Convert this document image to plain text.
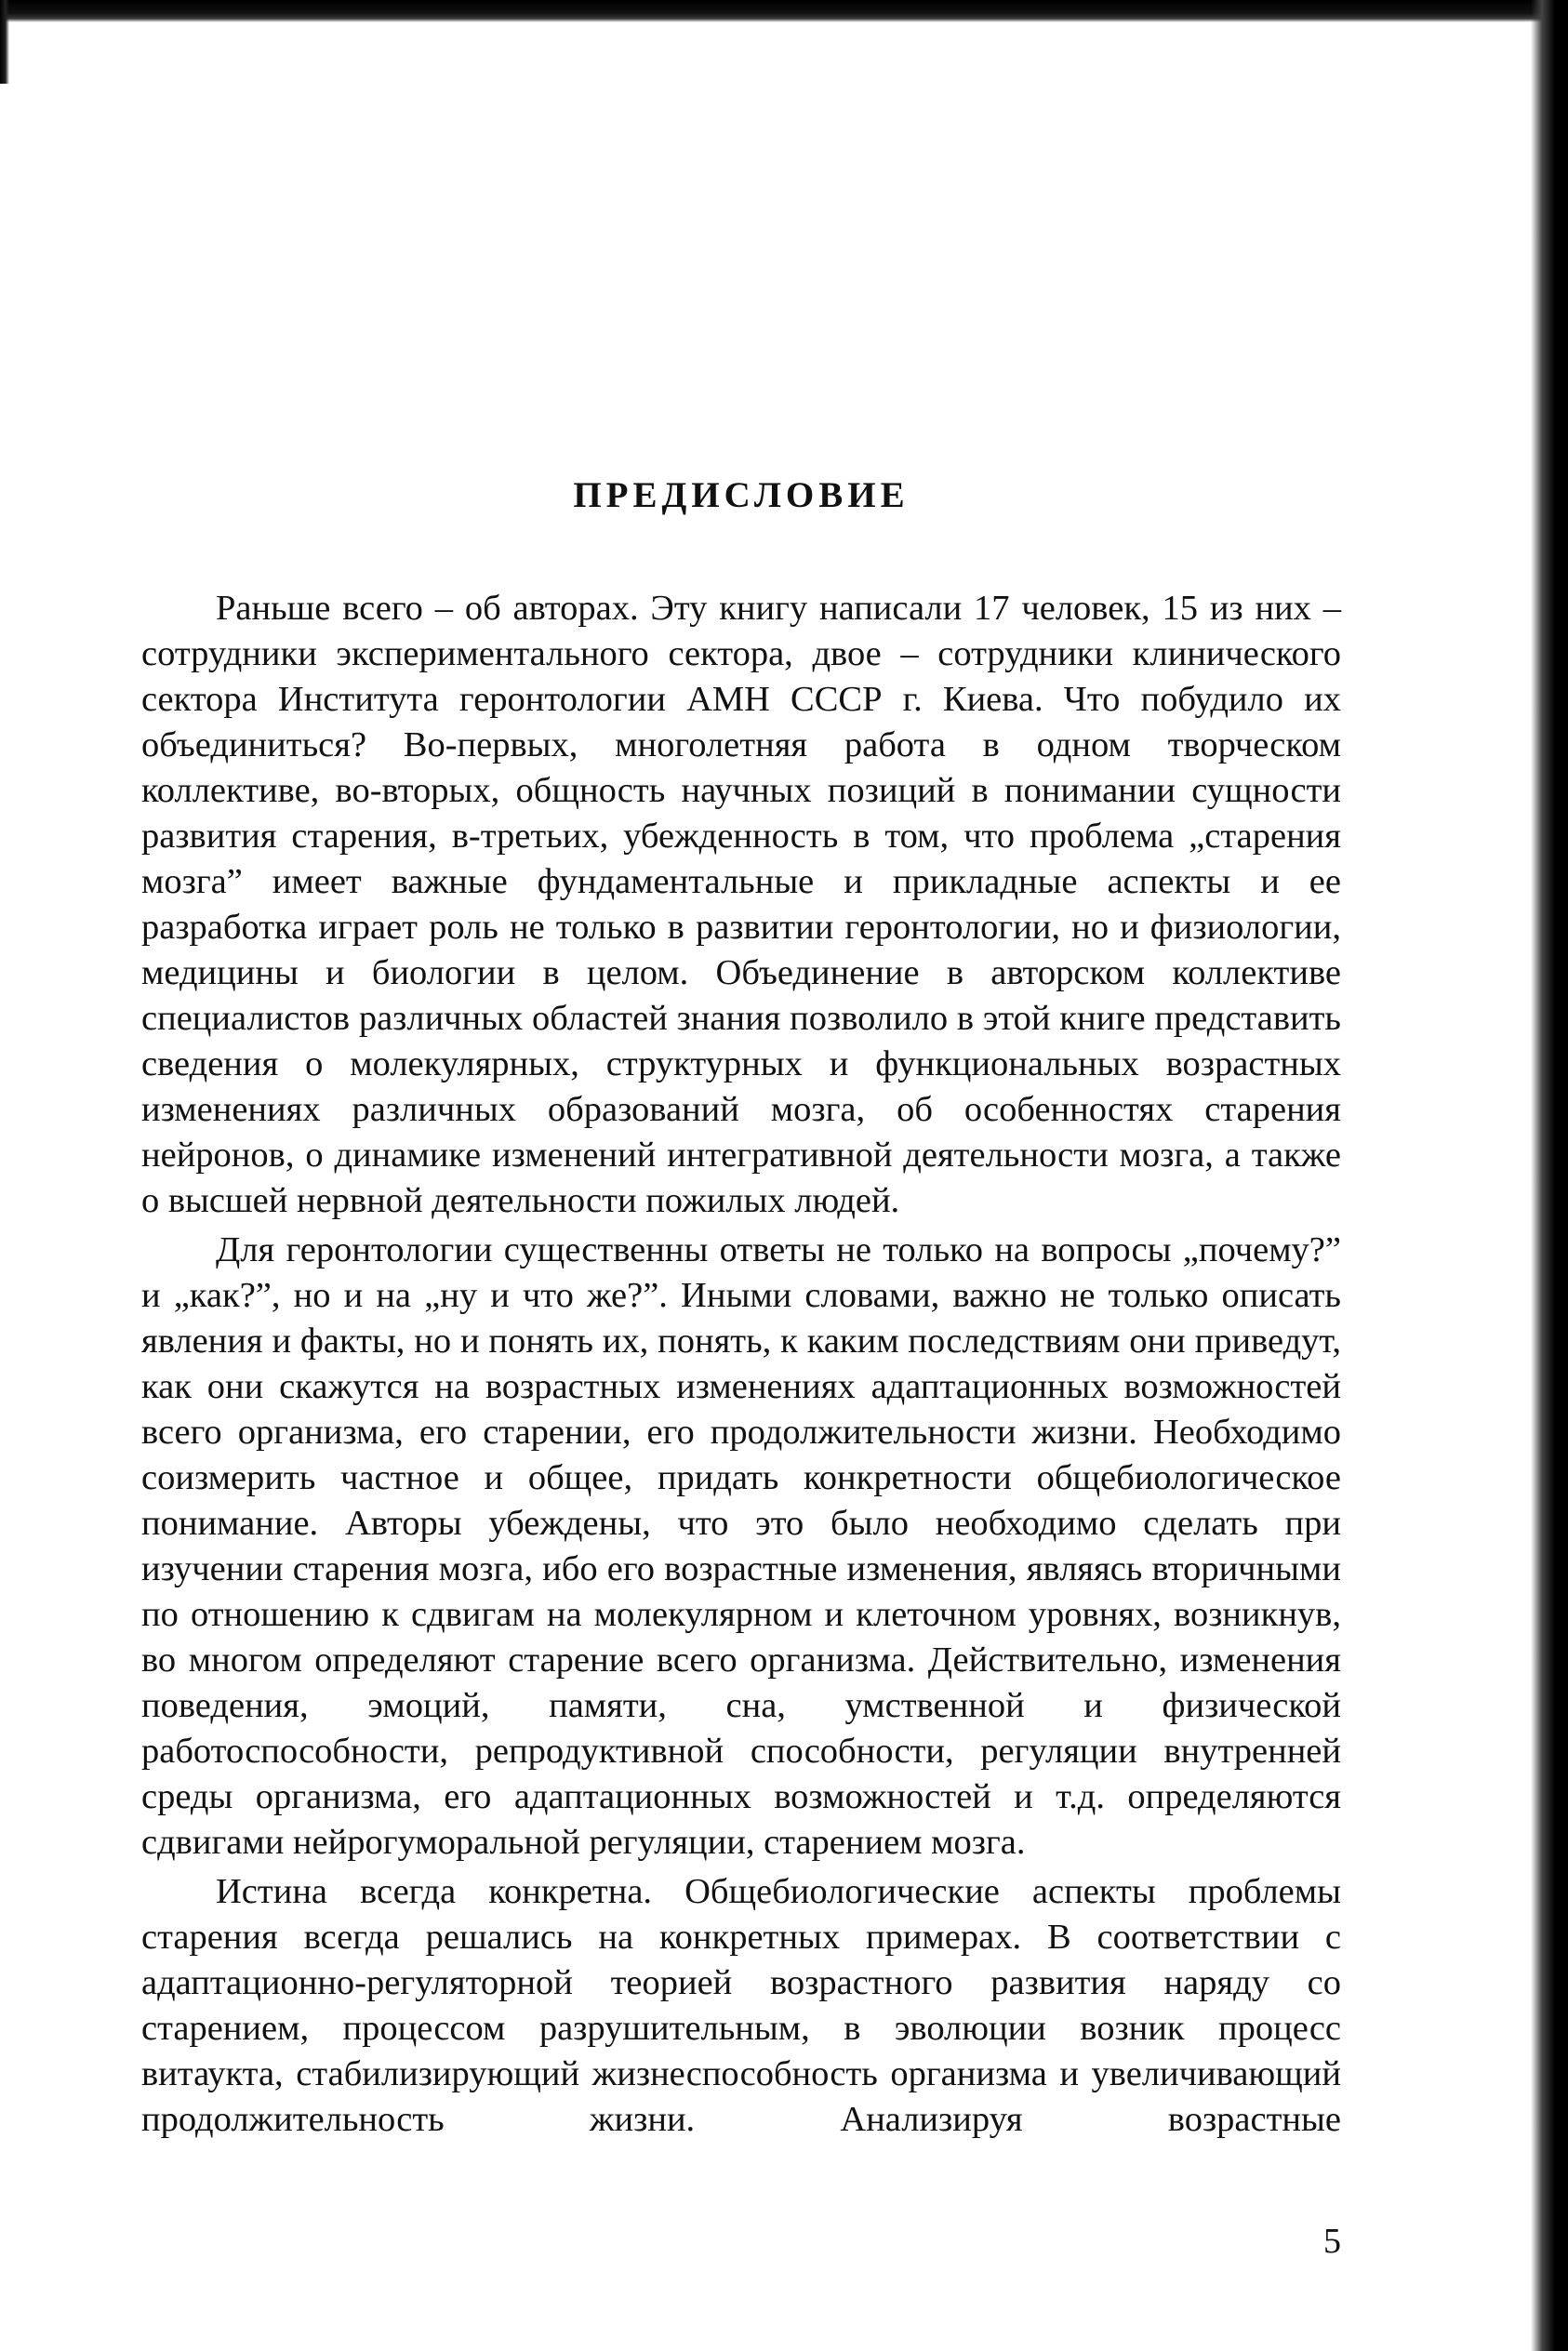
ПРЕДИСЛОВИЕ

Раньше всего – об авторах. Эту книгу написали 17 человек, 15 из них – сотрудники экспериментального сектора, двое – сотрудники клинического сектора Института геронтологии АМН СССР г. Киева. Что побудило их объединиться? Во-первых, многолетняя работа в одном творческом коллективе, во-вторых, общность научных позиций в понимании сущности развития старения, в-третьих, убежденность в том, что проблема „старения мозга” имеет важные фундаментальные и прикладные аспекты и ее разработка играет роль не только в развитии геронтологии, но и физиологии, медицины и биологии в целом. Объединение в авторском коллективе специалистов различных областей знания позволило в этой книге представить сведения о молекулярных, структурных и функциональных возрастных изменениях различных образований мозга, об особенностях старения нейронов, о динамике изменений интегративной деятельности мозга, а также о высшей нервной деятельности пожилых людей.

Для геронтологии существенны ответы не только на вопросы „почему?” и „как?”, но и на „ну и что же?”. Иными словами, важно не только описать явления и факты, но и понять их, понять, к каким последствиям они приведут, как они скажутся на возрастных изменениях адаптационных возможностей всего организма, его старении, его продолжительности жизни. Необходимо соизмерить частное и общее, придать конкретности общебиологическое понимание. Авторы убеждены, что это было необходимо сделать при изучении старения мозга, ибо его возрастные изменения, являясь вторичными по отношению к сдвигам на молекулярном и клеточном уровнях, возникнув, во многом определяют старение всего организма. Действительно, изменения поведения, эмоций, памяти, сна, умственной и физической работоспособности, репродуктивной способности, регуляции внутренней среды организма, его адаптационных возможностей и т.д. определяются сдвигами нейрогуморальной регуляции, старением мозга.

Истина всегда конкретна. Общебиологические аспекты проблемы старения всегда решались на конкретных примерах. В соответствии с адаптационно-регуляторной теорией возрастного развития наряду со старением, процессом разрушительным, в эволюции возник процесс витаукта, стабилизирующий жизнеспособность организма и увеличивающий продолжительность жизни. Анализируя возрастные

5
